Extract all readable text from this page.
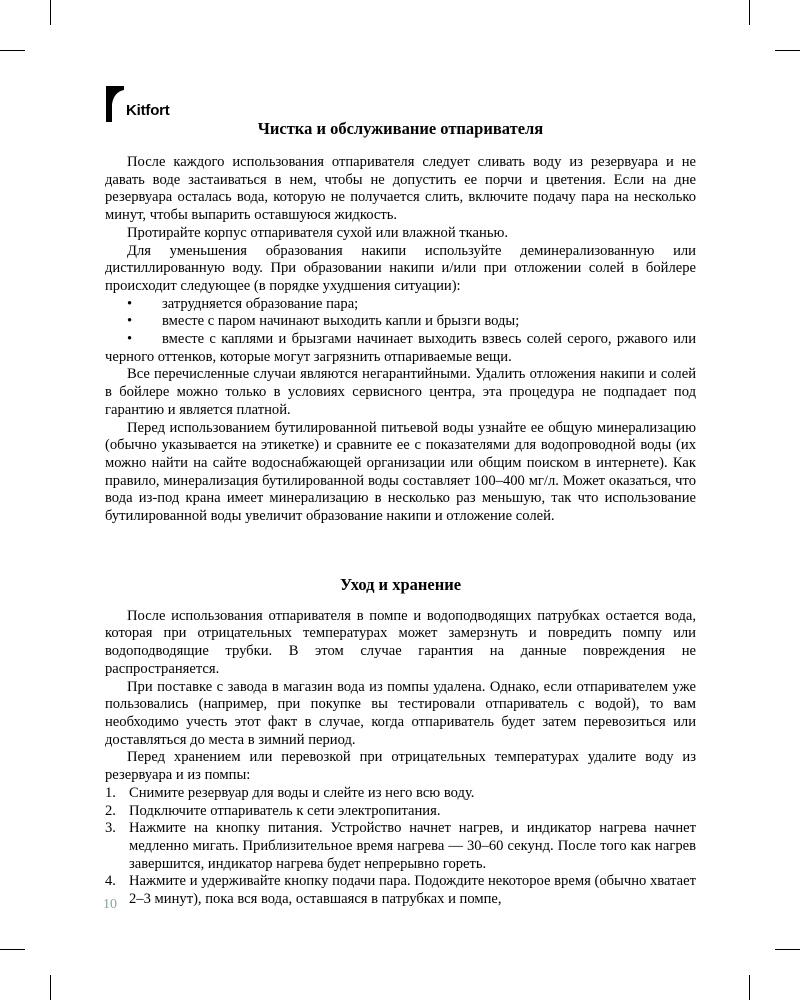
Kitfort
Чистка и обслуживание отпаривателя

После каждого использования отпаривателя следует сливать воду из резервуара и не давать воде застаиваться в нем, чтобы не допустить ее порчи и цветения. Если на дне резервуара осталась вода, которую не получается слить, включите подачу пара на несколько минут, чтобы выпарить оставшуюся жидкость.

Протирайте корпус отпаривателя сухой или влажной тканью.

Для уменьшения образования накипи используйте деминерализованную или дистиллированную воду. При образовании накипи и/или при отложении солей в бойлере происходит следующее (в порядке ухудшения ситуации):

•	затрудняется образование пара;
•	вместе с паром начинают выходить капли и брызги воды;
• вместе с каплями и брызгами начинает выходить взвесь солей серого, ржавого или черного оттенков, которые могут загрязнить отпариваемые вещи.

Все перечисленные случаи являются негарантийными. Удалить отложения накипи и солей в бойлере можно только в условиях сервисного центра, эта процедура не подпадает под гарантию и является платной.

Перед использованием бутилированной питьевой воды узнайте ее общую минерализацию (обычно указывается на этикетке) и сравните ее с показателями для водопроводной воды (их можно найти на сайте водоснабжающей организации или общим поиском в интернете). Как правило, минерализация бутилированной воды составляет 100–400 мг/л. Может оказаться, что вода из-под крана имеет минерализацию в несколько раз меньшую, так что использование бутилированной воды увеличит образование накипи и отложение солей.

Уход и хранение

После использования отпаривателя в помпе и водоподводящих патрубках остается вода, которая при отрицательных температурах может замерзнуть и повредить помпу или водоподводящие трубки. В этом случае гарантия на данные повреждения не распространяется.

При поставке с завода в магазин вода из помпы удалена. Однако, если отпаривателем уже пользовались (например, при покупке вы тестировали отпариватель с водой), то вам необходимо учесть этот факт в случае, когда отпариватель будет затем перевозиться или доставляться до места в зимний период.

Перед хранением или перевозкой при отрицательных температурах удалите воду из резервуара и из помпы:

1. Снимите резервуар для воды и слейте из него всю воду.
2. Подключите отпариватель к сети электропитания.
3. Нажмите на кнопку питания. Устройство начнет нагрев, и индикатор нагрева начнет медленно мигать. Приблизительное время нагрева — 30–60 секунд. После того как нагрев завершится, индикатор нагрева будет непрерывно гореть.
4. Нажмите и удерживайте кнопку подачи пара. Подождите некоторое время (обычно хватает 2–3 минут), пока вся вода, оставшаяся в патрубках и помпе,
10
